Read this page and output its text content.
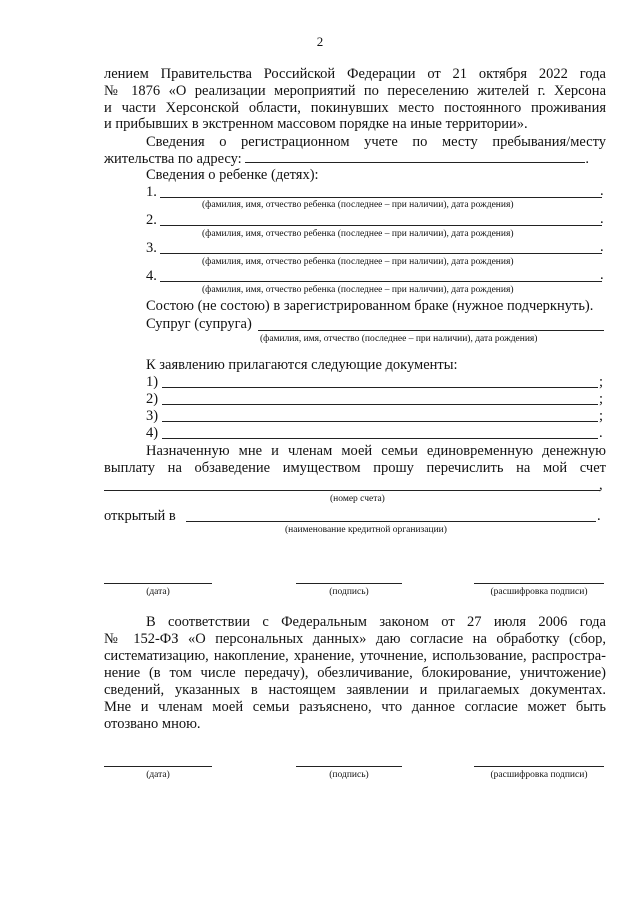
2
лением Правительства Российской Федерации от 21 октября 2022 года
№ 1876 «О реализации мероприятий по переселению жителей г. Херсона
и части Херсонской области, покинувших место постоянного проживания
и прибывших в экстренном массовом порядке на иные территории».
Сведения о регистрационном учете по месту пребывания/месту
жительства по адресу:	.
Сведения о ребенке (детях):
1.	.
(фамилия, имя, отчество ребенка (последнее – при наличии), дата рождения)
2.	.
(фамилия, имя, отчество ребенка (последнее – при наличии), дата рождения)
3.	.
(фамилия, имя, отчество ребенка (последнее – при наличии), дата рождения)
4.	.
(фамилия, имя, отчество ребенка (последнее – при наличии), дата рождения)
Состою (не состою) в зарегистрированном браке (нужное подчеркнуть).
Супруг (супруга)
(фамилия, имя, отчество (последнее – при наличии), дата рождения)
К заявлению прилагаются следующие документы:
1)	;
2)	;
3)	;
4)	.
Назначенную мне и членам моей семьи единовременную денежную
выплату на обзаведение имуществом прошу перечислить на мой счет
,
(номер счета)
открытый в	.
(наименование кредитной организации)
(дата)	(подпись)	(расшифровка подписи)
В соответствии с Федеральным законом от 27 июля 2006 года
№ 152-ФЗ «О персональных данных» даю согласие на обработку (сбор,
систематизацию, накопление, хранение, уточнение, использование, распростра-
нение (в том числе передачу), обезличивание, блокирование, уничтожение)
сведений, указанных в настоящем заявлении и прилагаемых документах.
Мне и членам моей семьи разъяснено, что данное согласие может быть
отозвано мною.
(дата)	(подпись)	(расшифровка подписи)
